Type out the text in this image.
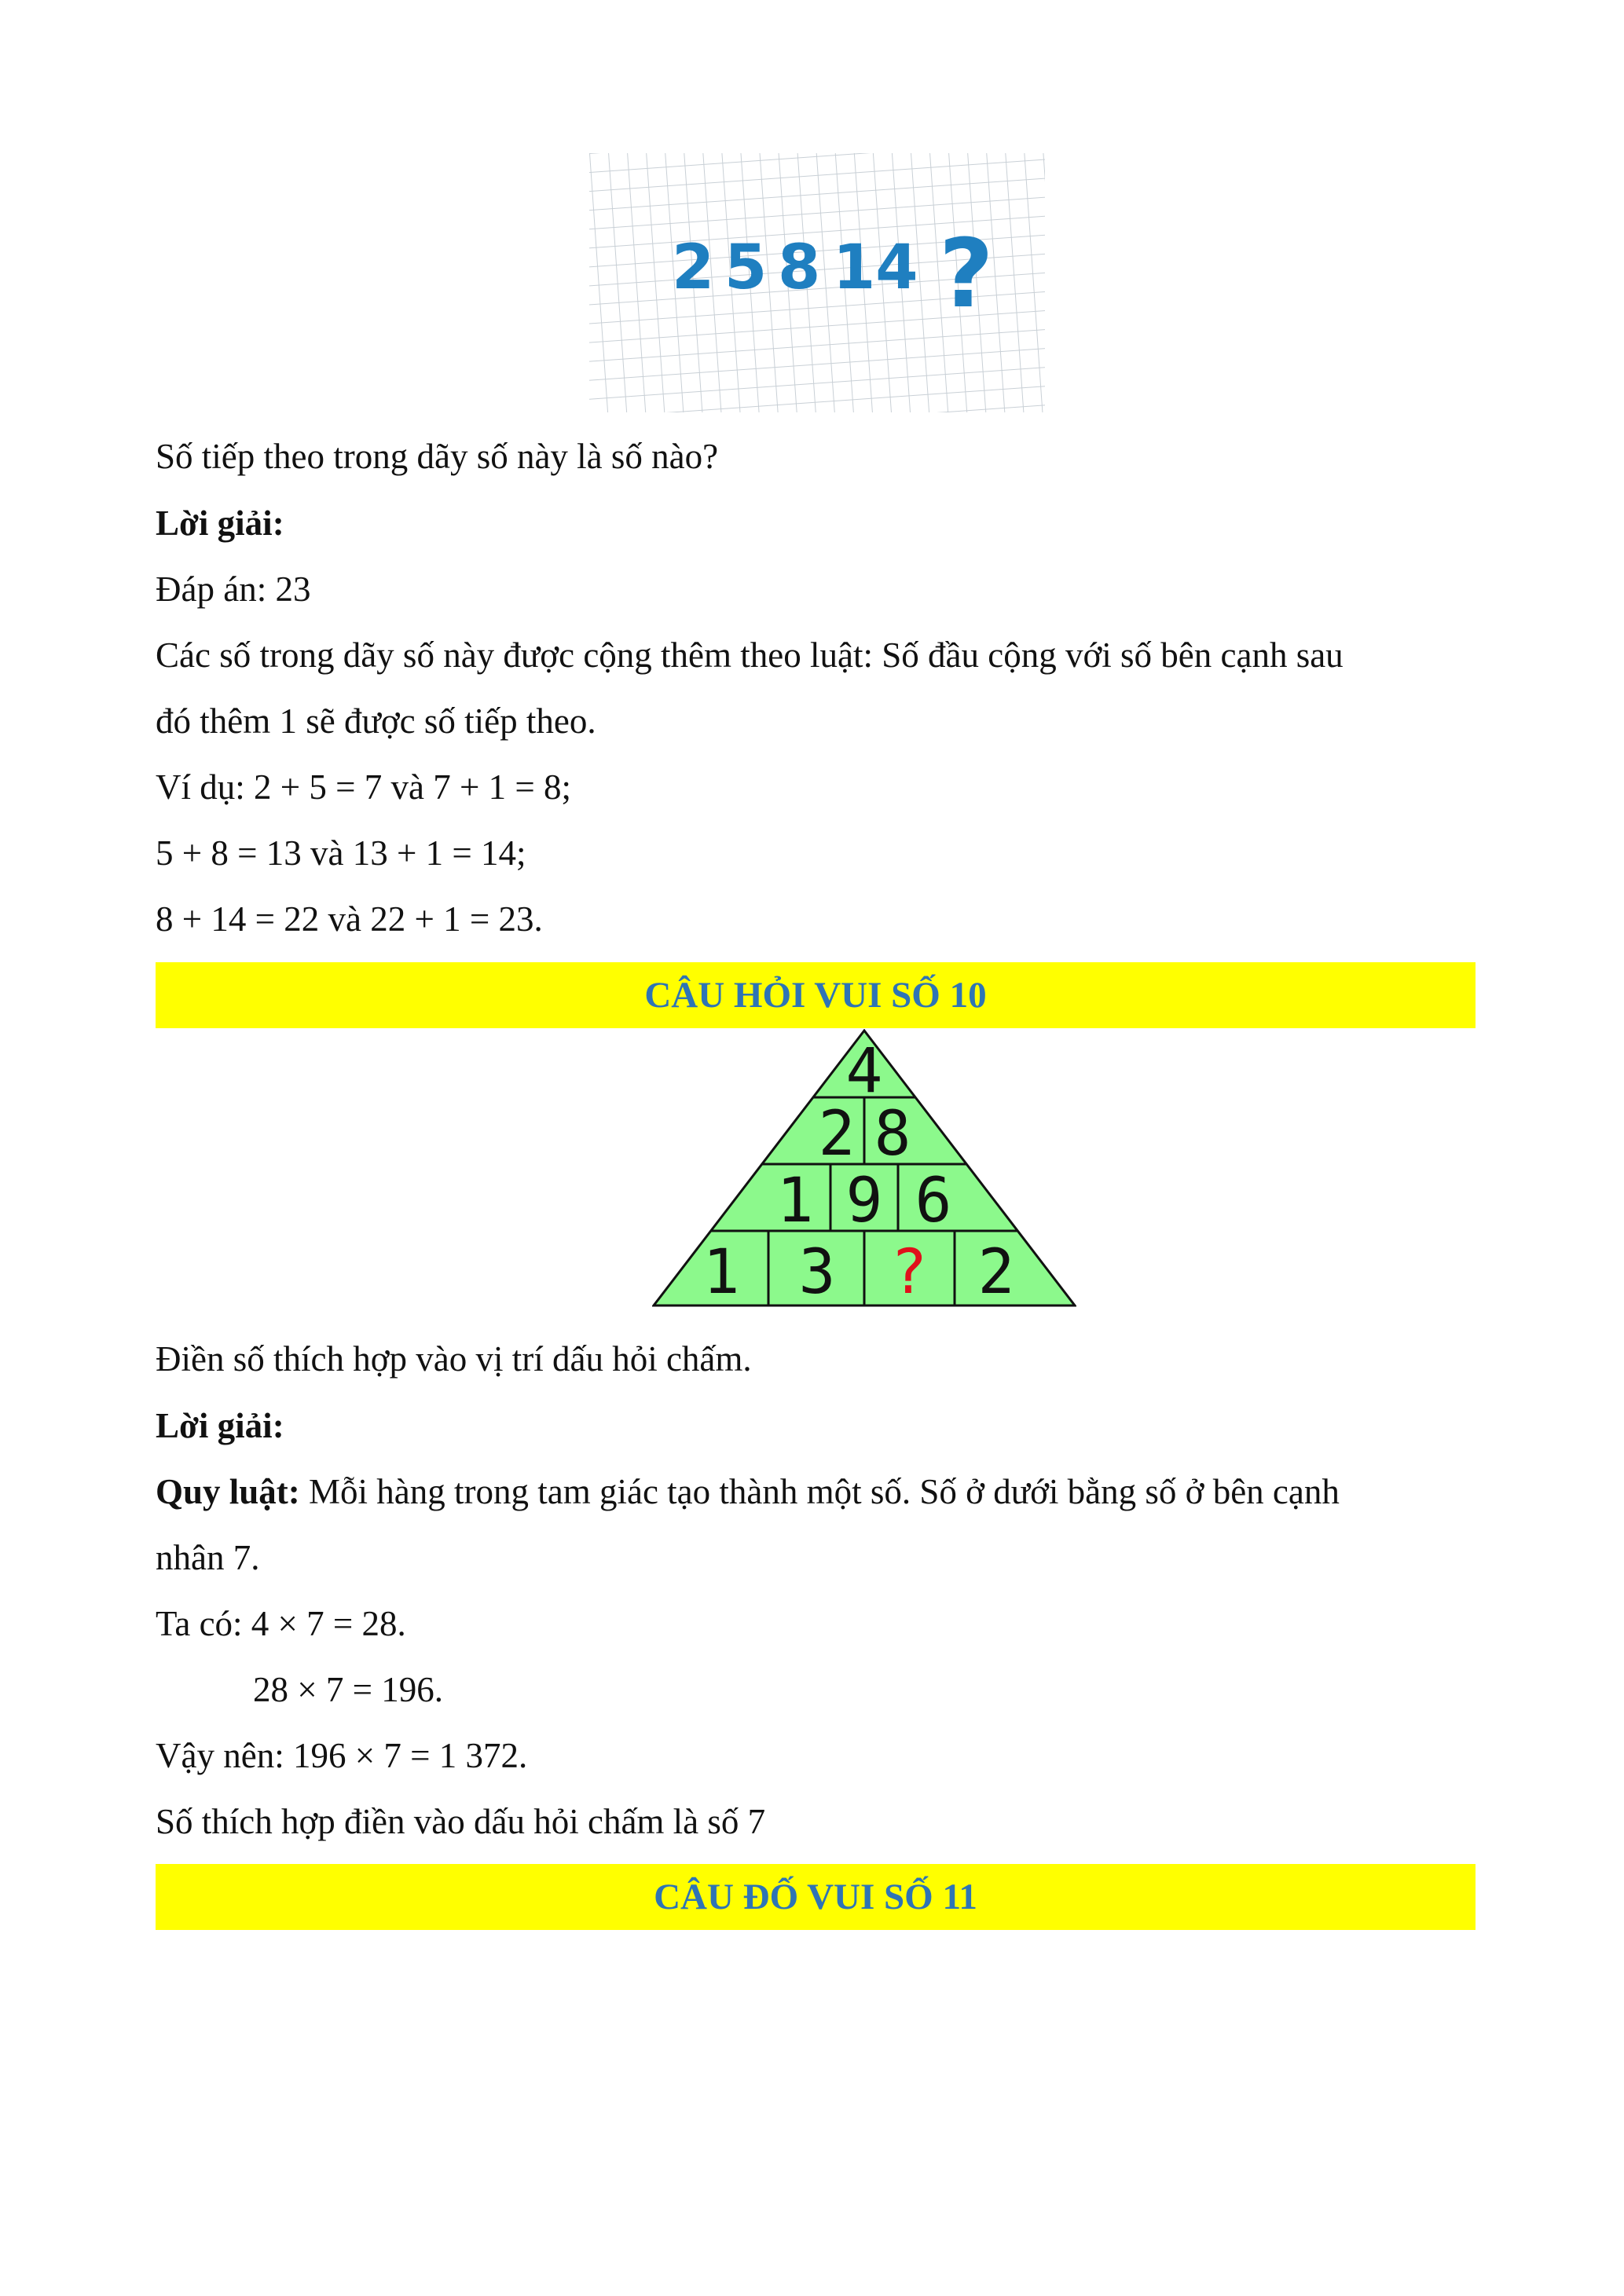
2 5 8 14 ?
Số tiếp theo trong dãy số này là số nào?
Lời giải:
Đáp án: 23
Các số trong dãy số này được cộng thêm theo luật: Số đầu cộng với số bên cạnh sau
đó thêm 1 sẽ được số tiếp theo.
Ví dụ: 2 + 5 = 7 và 7 + 1 = 8;
5 + 8 = 13 và 13 + 1 = 14;
8 + 14 = 22 và 22 + 1 = 23.
CÂU HỎI VUI SỐ 10
4
2 8
1 9 6
1 3 ? 2
Điền số thích hợp vào vị trí dấu hỏi chấm.
Lời giải:
Quy luật: Mỗi hàng trong tam giác tạo thành một số. Số ở dưới bằng số ở bên cạnh
nhân 7.
Ta có: 4 × 7 = 28.
28 × 7 = 196.
Vậy nên: 196 × 7 = 1 372.
Số thích hợp điền vào dấu hỏi chấm là số 7
CÂU ĐỐ VUI SỐ 11
